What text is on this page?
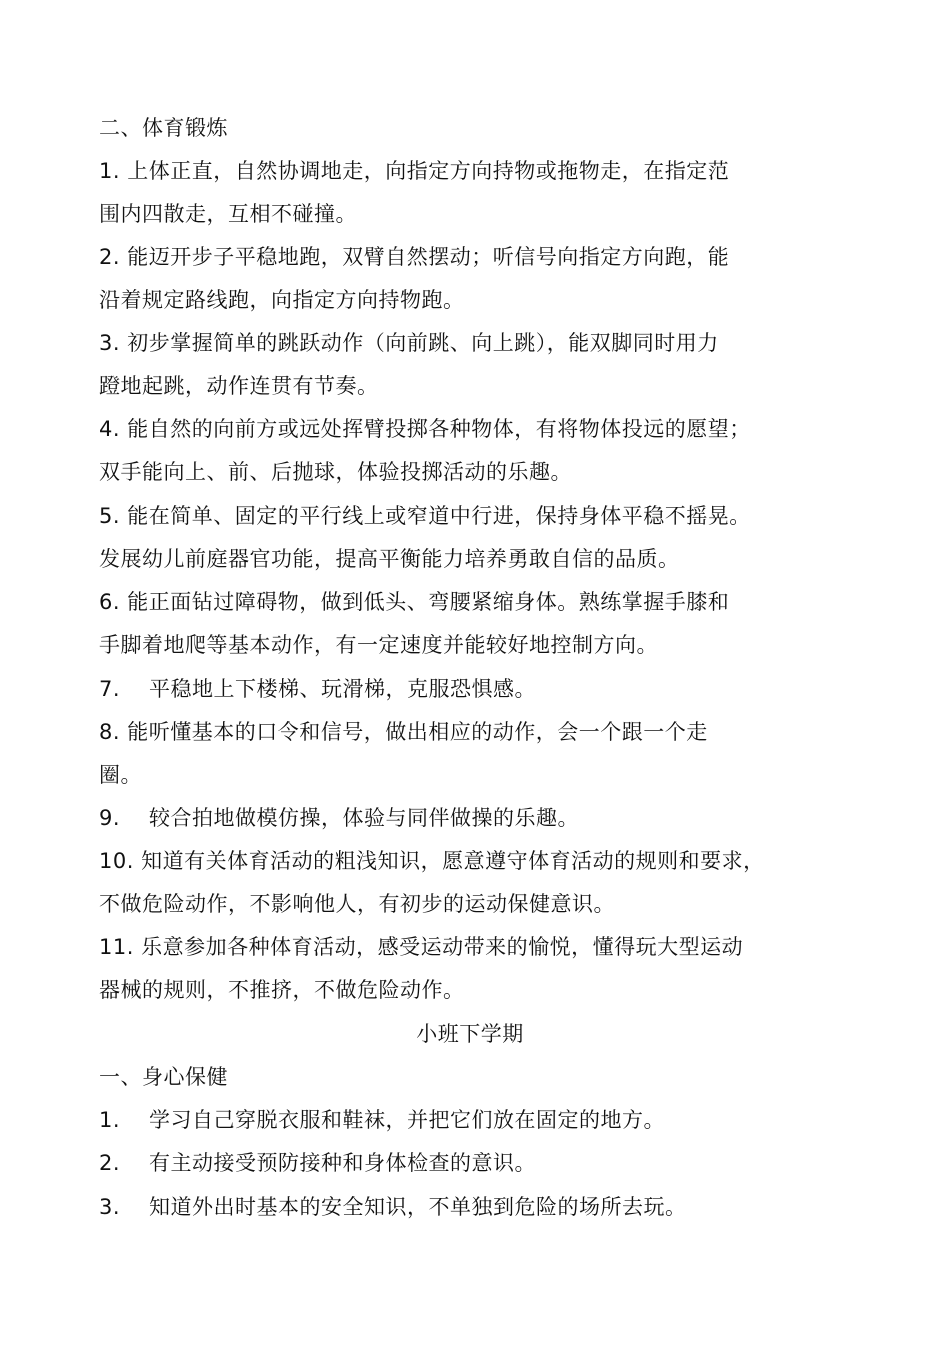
二、体育锻炼
1. 上体正直，自然协调地走，向指定方向持物或拖物走，在指定范
围内四散走，互相不碰撞。
2. 能迈开步子平稳地跑，双臂自然摆动；听信号向指定方向跑，能
沿着规定路线跑，向指定方向持物跑。
3. 初步掌握简单的跳跃动作（向前跳、向上跳），能双脚同时用力
蹬地起跳，动作连贯有节奏。
4. 能自然的向前方或远处挥臂投掷各种物体，有将物体投远的愿望；
双手能向上、前、后抛球，体验投掷活动的乐趣。
5. 能在简单、固定的平行线上或窄道中行进，保持身体平稳不摇晃。
发展幼儿前庭器官功能，提高平衡能力培养勇敢自信的品质。
6. 能正面钻过障碍物，做到低头、弯腰紧缩身体。熟练掌握手膝和
手脚着地爬等基本动作，有一定速度并能较好地控制方向。
7. 平稳地上下楼梯、玩滑梯，克服恐惧感。
8. 能听懂基本的口令和信号，做出相应的动作，会一个跟一个走
圈。
9. 较合拍地做模仿操，体验与同伴做操的乐趣。
10. 知道有关体育活动的粗浅知识，愿意遵守体育活动的规则和要求，
不做危险动作，不影响他人，有初步的运动保健意识。
11. 乐意参加各种体育活动，感受运动带来的愉悦，懂得玩大型运动
器械的规则，不推挤，不做危险动作。
小班下学期
一、身心保健
1. 学习自己穿脱衣服和鞋袜，并把它们放在固定的地方。
2. 有主动接受预防接种和身体检查的意识。
3. 知道外出时基本的安全知识，不单独到危险的场所去玩。
